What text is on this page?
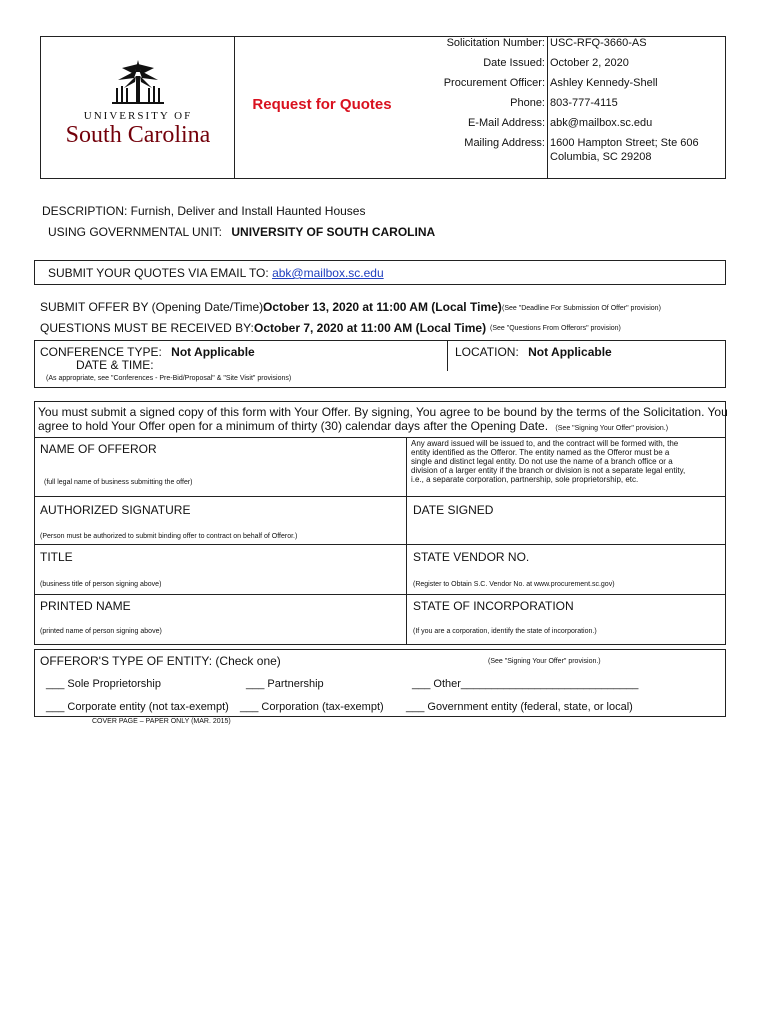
UNIVERSITY OF
South Carolina
Request for Quotes
Solicitation Number: USC-RFQ-3660-AS
Date Issued: October 2, 2020
Procurement Officer: Ashley Kennedy-Shell
Phone: 803-777-4115
E-Mail Address: abk@mailbox.sc.edu
Mailing Address: 1600 Hampton Street; Ste 606
Columbia, SC 29208
DESCRIPTION: Furnish, Deliver and Install Haunted Houses
USING GOVERNMENTAL UNIT: UNIVERSITY OF SOUTH CAROLINA
SUBMIT YOUR QUOTES VIA EMAIL TO: abk@mailbox.sc.edu
SUBMIT OFFER BY (Opening Date/Time):
October 13, 2020 at 11:00 AM (Local Time) (See "Deadline For Submission Of Offer" provision)
QUESTIONS MUST BE RECEIVED BY: October 7, 2020 at 11:00 AM (Local Time) (See "Questions From Offerors" provision)
CONFERENCE TYPE: Not Applicable
DATE & TIME:
LOCATION: Not Applicable
(As appropriate, see "Conferences - Pre-Bid/Proposal" & "Site Visit" provisions)
You must submit a signed copy of this form with Your Offer. By signing, You agree to be bound by the terms of the Solicitation. You
agree to hold Your Offer open for a minimum of thirty (30) calendar days after the Opening Date. (See "Signing Your Offer" provision.)
NAME OF OFFEROR
(full legal name of business submitting the offer)
Any award issued will be issued to, and the contract will be formed with, the
entity identified as the Offeror. The entity named as the Offeror must be a
single and distinct legal entity. Do not use the name of a branch office or a
division of a larger entity if the branch or division is not a separate legal entity,
i.e., a separate corporation, partnership, sole proprietorship, etc.
AUTHORIZED SIGNATURE
(Person must be authorized to submit binding offer to contract on behalf of Offeror.)
DATE SIGNED
TITLE
(business title of person signing above)
STATE VENDOR NO.
(Register to Obtain S.C. Vendor No. at www.procurement.sc.gov)
PRINTED NAME
(printed name of person signing above)
STATE OF INCORPORATION
(If you are a corporation, identify the state of incorporation.)
OFFEROR'S TYPE OF ENTITY: (Check one)	(See "Signing Your Offer" provision.)
___ Sole Proprietorship	___ Partnership	___ Other_____________________________
___ Corporate entity (not tax-exempt) ___ Corporation (tax-exempt) ___ Government entity (federal, state, or local)
COVER PAGE – PAPER ONLY (MAR. 2015)
